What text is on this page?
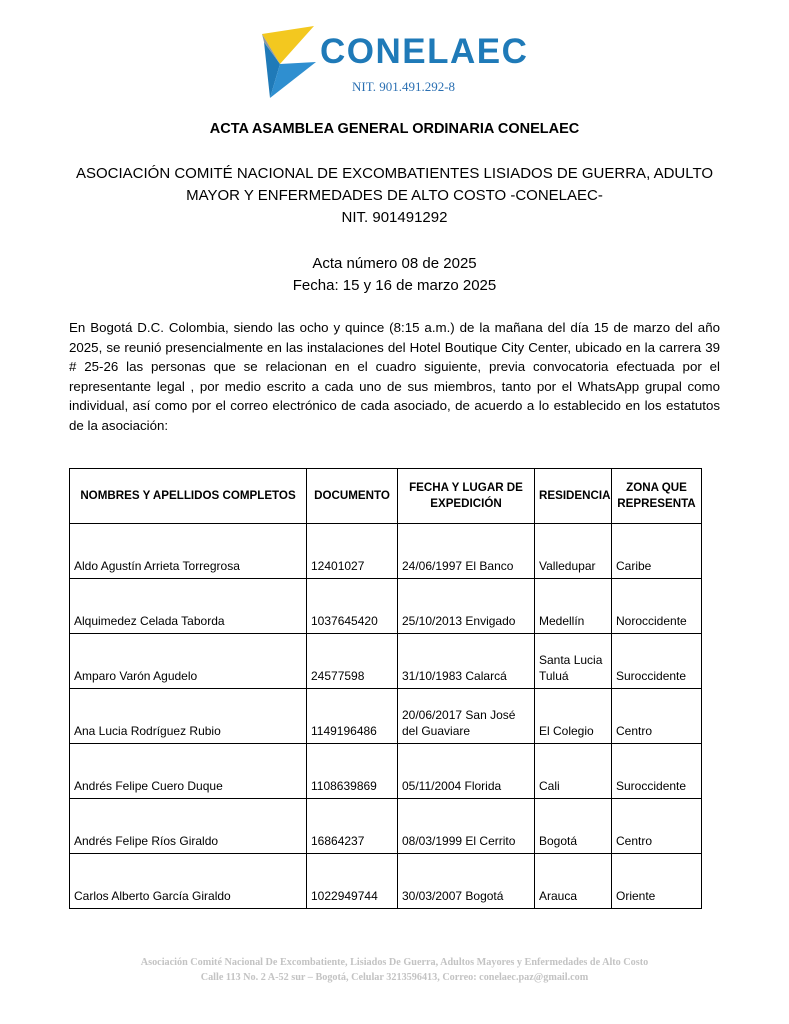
CONELAEC
NIT. 901.491.292-8
ACTA ASAMBLEA GENERAL ORDINARIA CONELAEC
ASOCIACIÓN COMITÉ NACIONAL DE EXCOMBATIENTES LISIADOS DE GUERRA, ADULTO
MAYOR Y ENFERMEDADES DE ALTO COSTO -CONELAEC-
NIT. 901491292
Acta número 08 de 2025
Fecha: 15 y 16 de marzo 2025
En Bogotá D.C. Colombia, siendo las ocho y quince (8:15 a.m.) de la mañana del día 15 de marzo del año 2025, se reunió presencialmente en las instalaciones del Hotel Boutique City Center, ubicado en la carrera 39 # 25-26 las personas que se relacionan en el cuadro siguiente, previa convocatoria efectuada por el representante legal , por medio escrito a cada uno de sus miembros, tanto por el WhatsApp grupal como individual, así como por el correo electrónico de cada asociado, de acuerdo a lo establecido en los estatutos de la asociación:
NOMBRES Y APELLIDOS COMPLETOS	DOCUMENTO	FECHA Y LUGAR DE EXPEDICIÓN	RESIDENCIA	ZONA QUE REPRESENTA
Aldo Agustín Arrieta Torregrosa	12401027	24/06/1997 El Banco	Valledupar	Caribe
Alquimedez Celada Taborda	1037645420	25/10/2013 Envigado	Medellín	Noroccidente
Amparo Varón Agudelo	24577598	31/10/1983 Calarcá	Santa Lucia Tuluá	Suroccidente
Ana Lucia Rodríguez Rubio	1149196486	20/06/2017 San José del Guaviare	El Colegio	Centro
Andrés Felipe Cuero Duque	1108639869	05/11/2004 Florida	Cali	Suroccidente
Andrés Felipe Ríos Giraldo	16864237	08/03/1999 El Cerrito	Bogotá	Centro
Carlos Alberto García Giraldo	1022949744	30/03/2007 Bogotá	Arauca	Oriente
Asociación Comité Nacional De Excombatiente, Lisiados De Guerra, Adultos Mayores y Enfermedades de Alto Costo
Calle 113 No. 2 A-52 sur – Bogotá, Celular 3213596413, Correo: conelaec.paz@gmail.com
